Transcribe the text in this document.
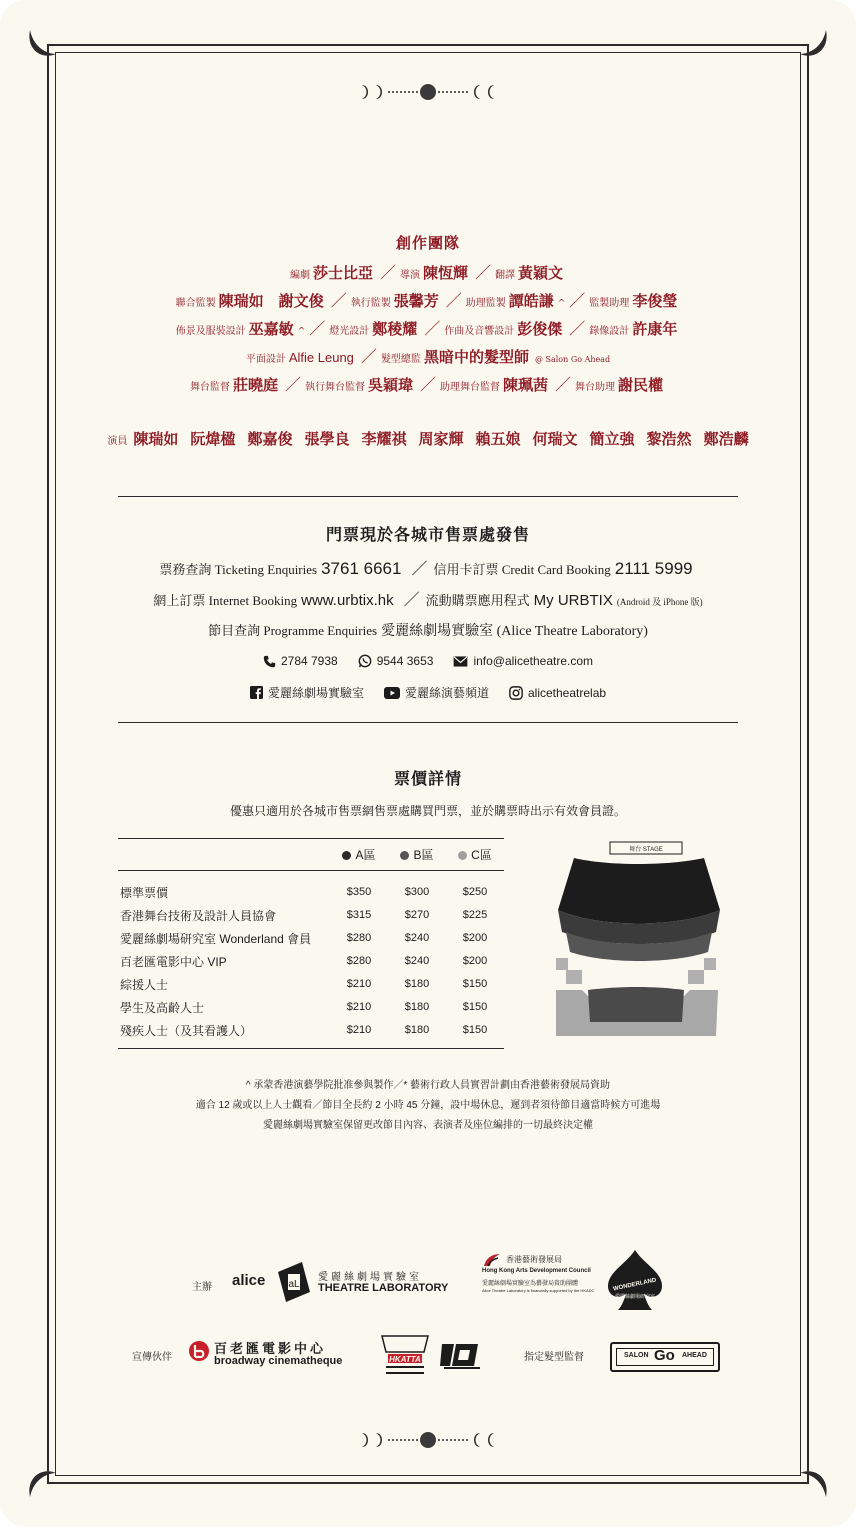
創作團隊
編劇 莎士比亞 ／ 導演 陳恆輝 ／ 翻譯 黃穎文
聯合監製 陳瑞如　謝文俊 ／ 執行監製 張馨芳 ／ 助理監製 譚皓謙 ^ ／ 監製助理 李俊瑩
佈景及服裝設計 巫嘉敏 ^ ／ 燈光設計 鄭稜耀 ／ 作曲及音響設計 彭俊傑 ／ 錄像設計 許康年
平面設計 Alfie Leung ／ 髮型總監 黑暗中的髮型師 @ Salon Go Ahead
舞台監督 莊曉庭 ／ 執行舞台監督 吳穎瑋 ／ 助理舞台監督 陳珮茜 ／ 舞台助理 謝民權
演員 陳瑞如 阮煒楹 鄭嘉俊 張學良 李耀祺 周家輝 賴五娘 何瑞文 簡立強 黎浩然 鄭浩麟
門票現於各城市售票處發售
票務查詢 Ticketing Enquiries 3761 6661 ／ 信用卡訂票 Credit Card Booking 2111 5999
網上訂票 Internet Booking www.urbtix.hk ／ 流動購票應用程式 My URBTIX (Android 及 iPhone 版)
節目查詢 Programme Enquiries 愛麗絲劇場實驗室 (Alice Theatre Laboratory)
2784 7938	9544 3653	info@alicetheatre.com
愛麗絲劇場實驗室	愛麗絲演藝頻道	alicetheatrelab
票價詳情
優惠只適用於各城市售票網售票處購買門票，並於購票時出示有效會員證。
	A區	B區	C區
標準票價	$350	$300	$250
香港舞台技術及設計人員協會	$315	$270	$225
愛麗絲劇場研究室 Wonderland 會員	$280	$240	$200
百老匯電影中心 VIP	$280	$240	$200
綜援人士	$210	$180	$150
學生及高齡人士	$210	$180	$150
殘疾人士（及其看護人）	$210	$180	$150
舞台 STAGE
^ 承蒙香港演藝學院批准參與製作／* 藝術行政人員實習計劃由香港藝術發展局資助
適合 12 歲或以上人士觀看／節目全長約 2 小時 45 分鐘，設中場休息，遲到者須待節目適當時候方可進場
愛麗絲劇場實驗室保留更改節目內容、表演者及座位編排的一切最終決定權
主辦 alice aL
愛麗絲劇場實驗室
THEATRE LABORATORY
香港藝術發展局
Hong Kong Arts Development Council
愛麗絲劇場實驗室為藝發局資助團體
Alice Theatre Laboratory is financially supported by the HKADC	WONDERLAND
愛麗絲劇場研究室
宣傳伙伴
百老匯電影中心
broadway cinematheque	HKATTA	指定髮型監督	SALON Go AHEAD
